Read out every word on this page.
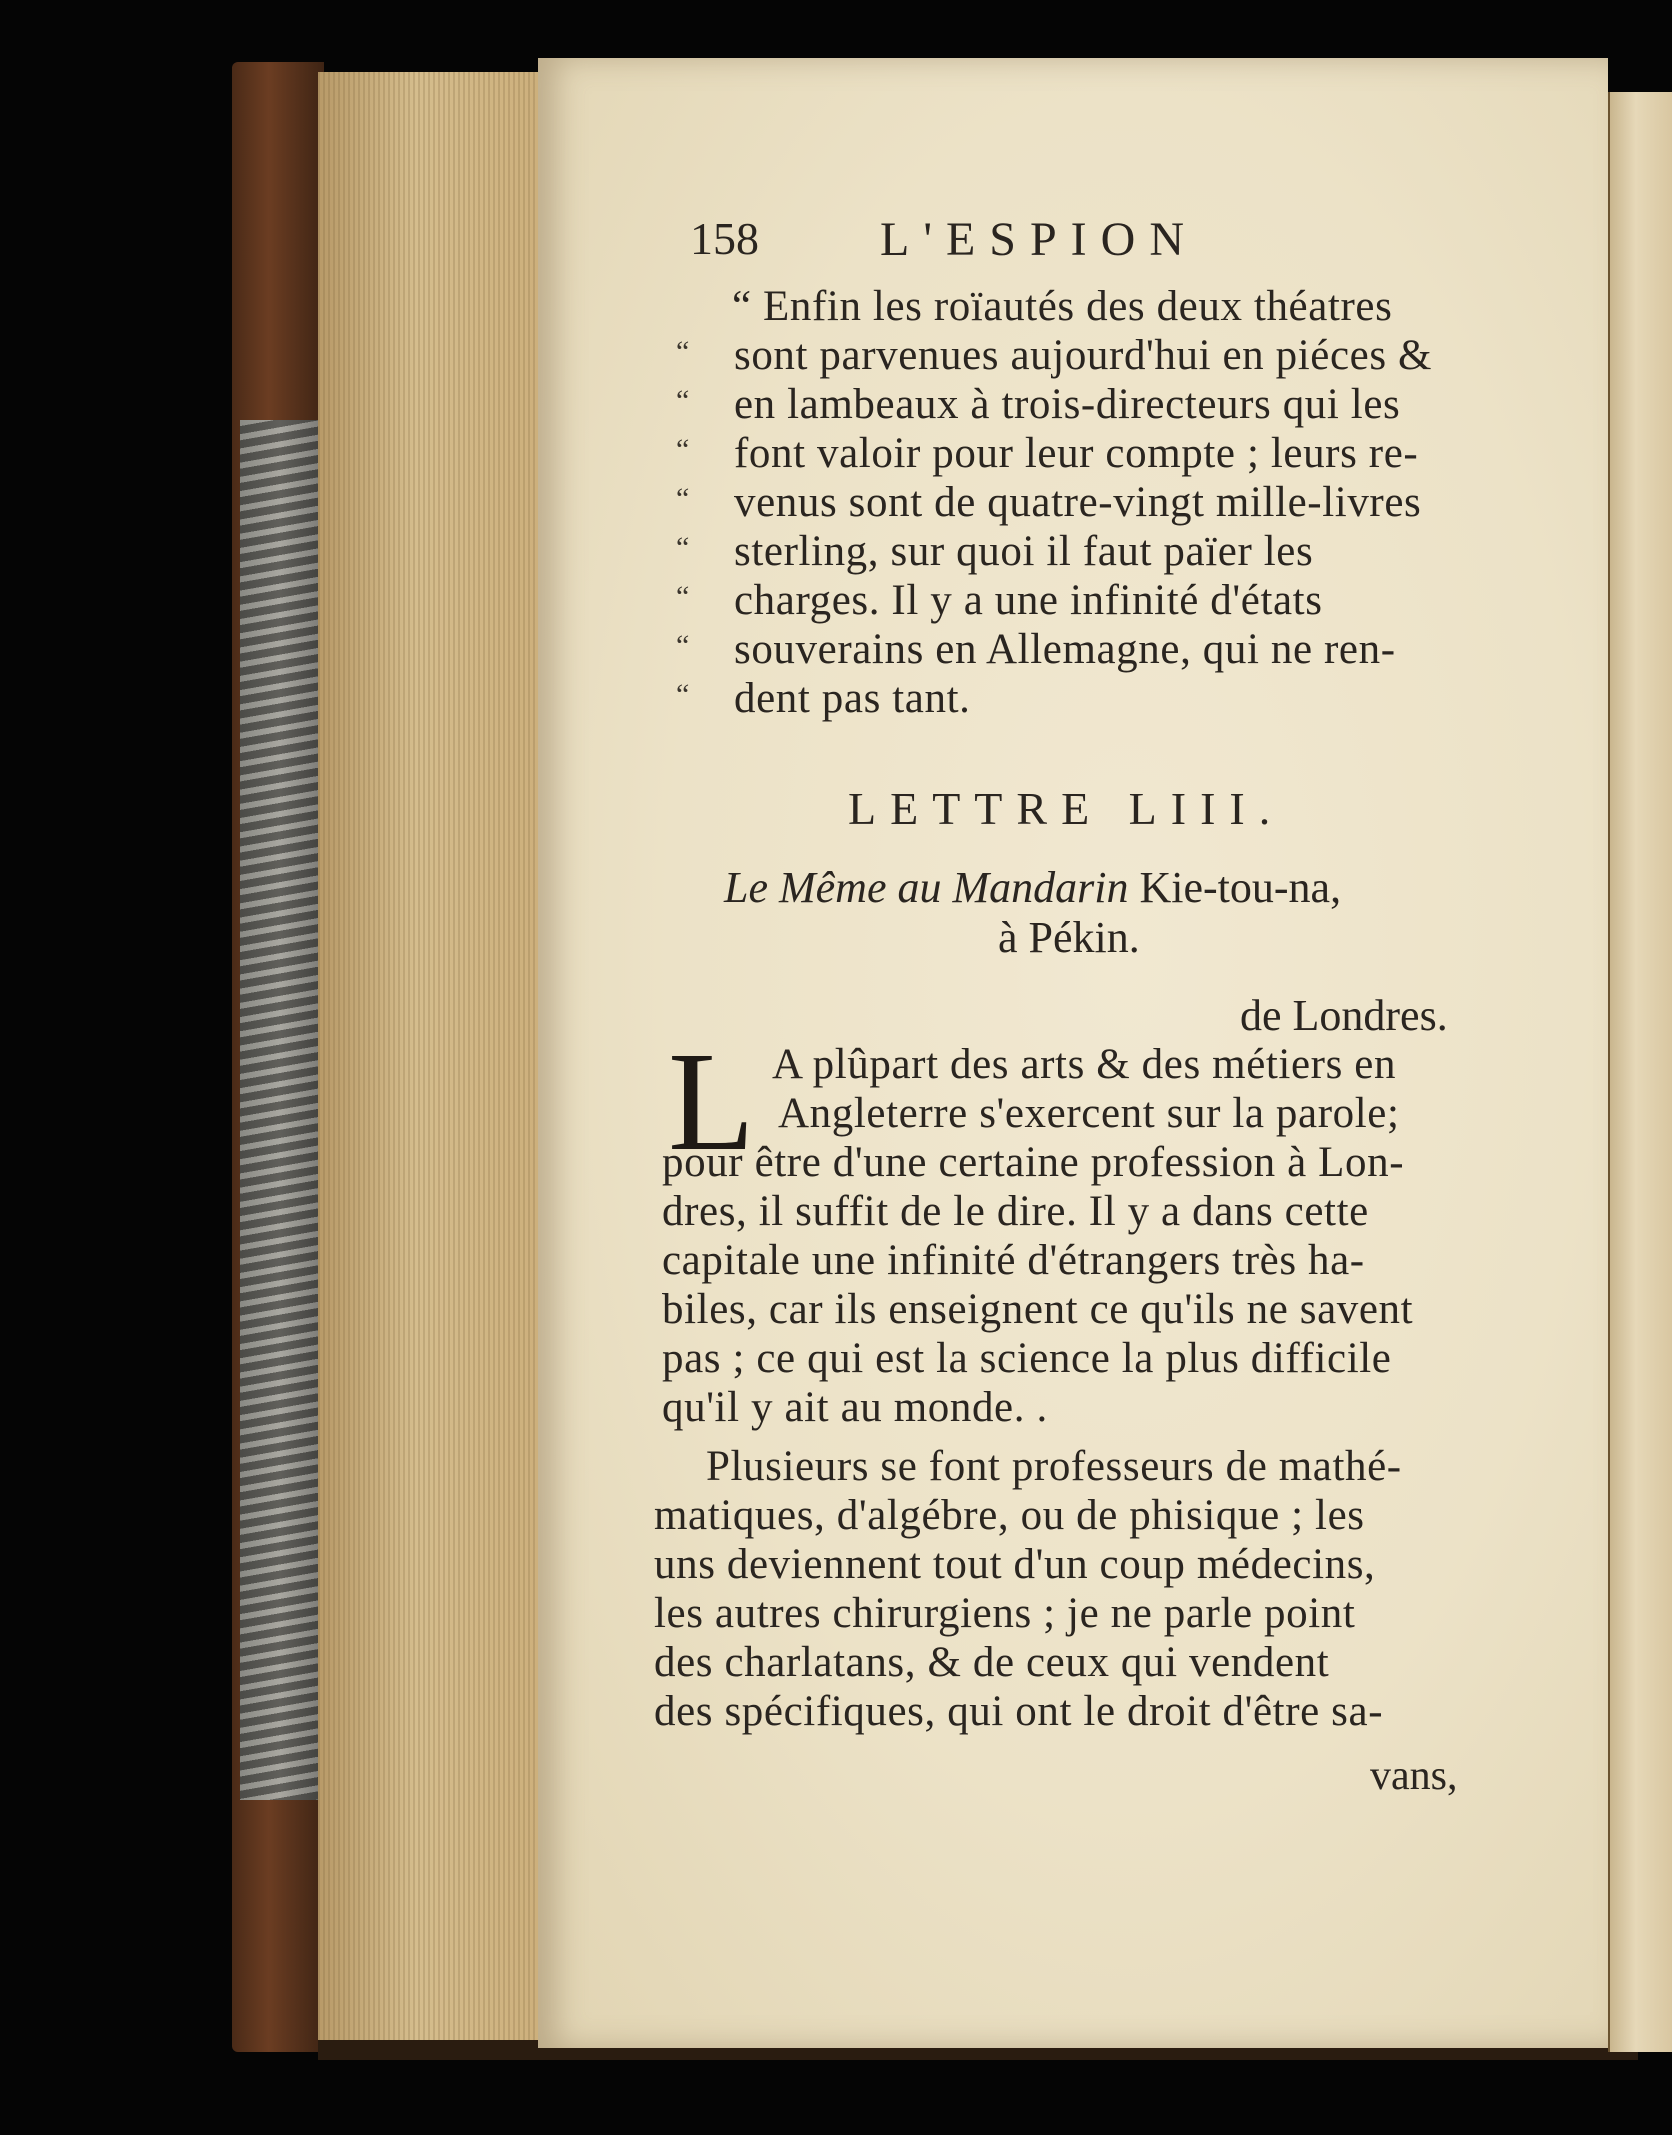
158	L'ESPION
“ Enfin les roïautés des deux théatres
“ sont parvenues aujourd'hui en piéces &
“ en lambeaux à trois-directeurs qui les
“ font valoir pour leur compte ; leurs re-
“ venus sont de quatre-vingt mille-livres
“ sterling, sur quoi il faut païer les
“ charges. Il y a une infinité d'états
“ souverains en Allemagne, qui ne ren-
“ dent pas tant.
LETTRE LIII.
Le Même au Mandarin Kie-tou-na,
à Pékin.
de Londres.
L A plûpart des arts & des métiers en
Angleterre s'exercent sur la parole;
pour être d'une certaine profession à Lon-
dres, il suffit de le dire. Il y a dans cette
capitale une infinité d'étrangers très ha-
biles, car ils enseignent ce qu'ils ne savent
pas ; ce qui est la science la plus difficile
qu'il y ait au monde. .
Plusieurs se font professeurs de mathé-
matiques, d'algébre, ou de phisique ; les
uns deviennent tout d'un coup médecins,
les autres chirurgiens ; je ne parle point
des charlatans, & de ceux qui vendent
des spécifiques, qui ont le droit d'être sa-
vans,
